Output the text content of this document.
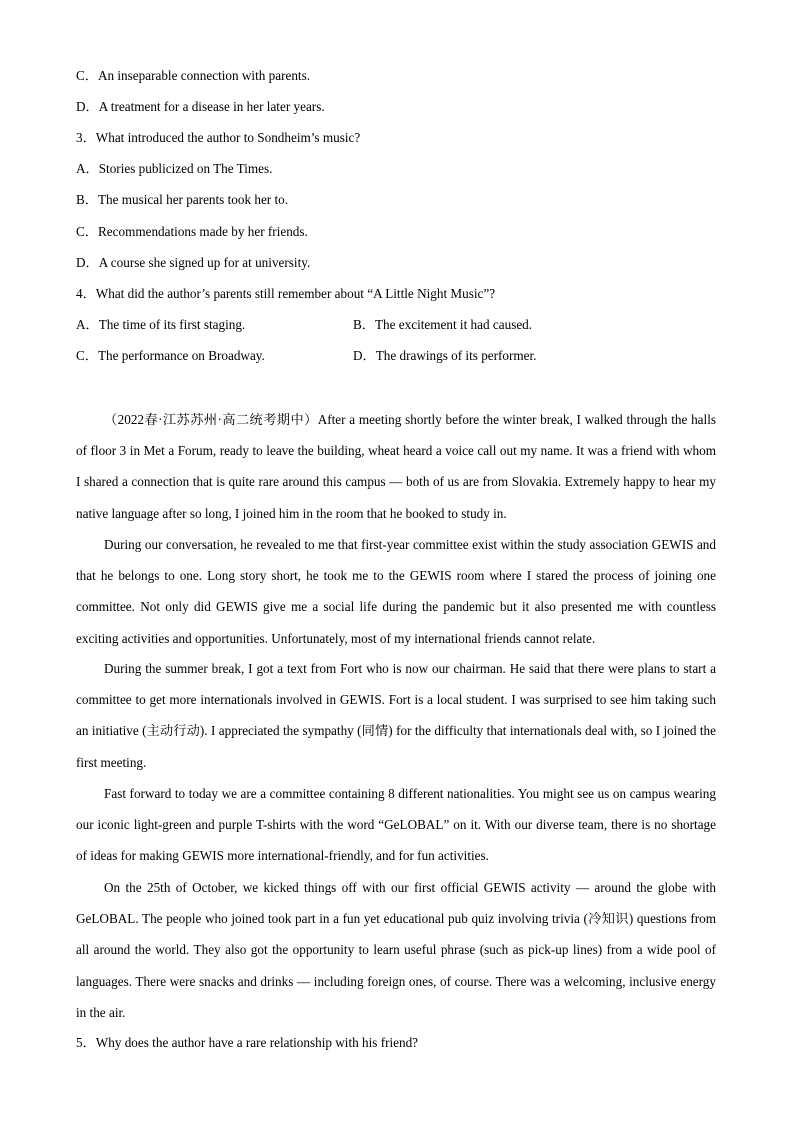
C．An inseparable connection with parents.
D．A treatment for a disease in her later years.
3．What introduced the author to Sondheim’s music?
A．Stories publicized on The Times.
B．The musical her parents took her to.
C．Recommendations made by her friends.
D．A course she signed up for at university.
4．What did the author’s parents still remember about “A Little Night Music”?
A．The time of its first staging.	B．The excitement it had caused.
C．The performance on Broadway.	D．The drawings of its performer.
（2022春·江苏苏州·高二统考期中）After a meeting shortly before the winter break, I walked through the halls of floor 3 in Met a Forum, ready to leave the building, wheat heard a voice call out my name. It was a friend with whom I shared a connection that is quite rare around this campus — both of us are from Slovakia. Extremely happy to hear my native language after so long, I joined him in the room that he booked to study in.
During our conversation, he revealed to me that first-year committee exist within the study association GEWIS and that he belongs to one. Long story short, he took me to the GEWIS room where I stared the process of joining one committee. Not only did GEWIS give me a social life during the pandemic but it also presented me with countless exciting activities and opportunities. Unfortunately, most of my international friends cannot relate.
During the summer break, I got a text from Fort who is now our chairman. He said that there were plans to start a committee to get more internationals involved in GEWIS. Fort is a local student. I was surprised to see him taking such an initiative (主动行动). I appreciated the sympathy (同情) for the difficulty that internationals deal with, so I joined the first meeting.
Fast forward to today we are a committee containing 8 different nationalities. You might see us on campus wearing our iconic light-green and purple T-shirts with the word “GeLOBAL” on it. With our diverse team, there is no shortage of ideas for making GEWIS more international-friendly, and for fun activities.
On the 25th of October, we kicked things off with our first official GEWIS activity — around the globe with GeLOBAL. The people who joined took part in a fun yet educational pub quiz involving trivia (冷知识) questions from all around the world. They also got the opportunity to learn useful phrase (such as pick-up lines) from a wide pool of languages. There were snacks and drinks — including foreign ones, of course. There was a welcoming, inclusive energy in the air.
5．Why does the author have a rare relationship with his friend?
